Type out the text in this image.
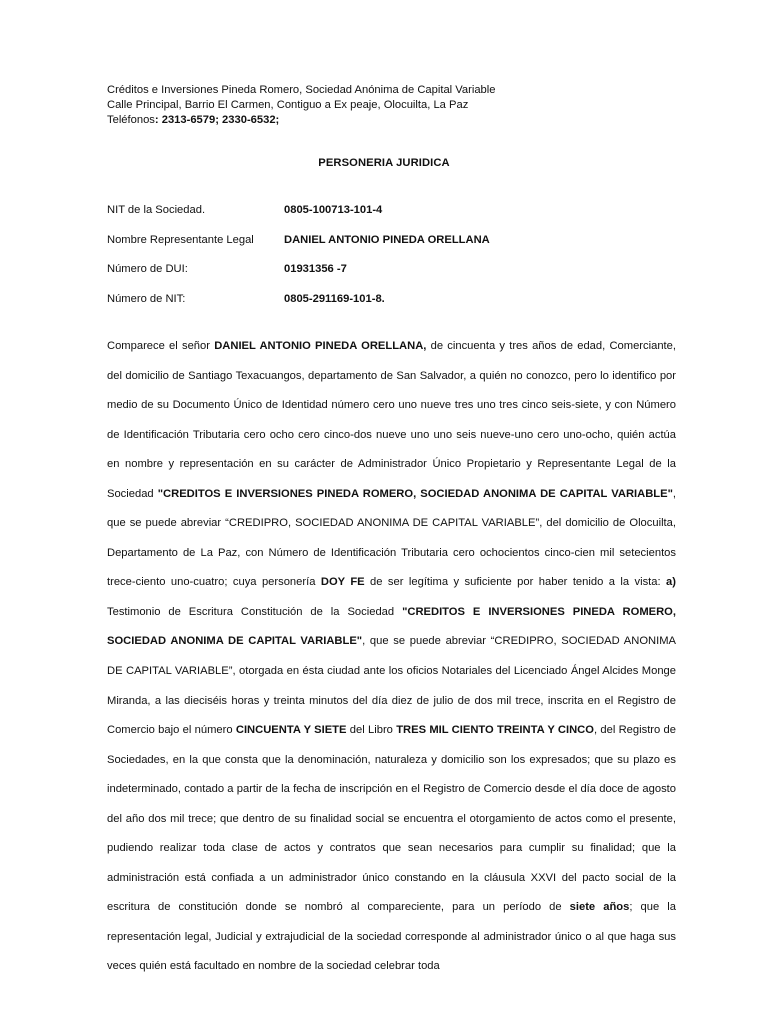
Créditos e Inversiones Pineda Romero, Sociedad Anónima de Capital Variable
Calle Principal, Barrio El Carmen, Contiguo a Ex peaje, Olocuilta, La Paz
Teléfonos: 2313-6579; 2330-6532;
PERSONERIA JURIDICA
NIT de la Sociedad.	0805-100713-101-4
Nombre Representante Legal	DANIEL ANTONIO PINEDA ORELLANA
Número de DUI:	01931356 -7
Número de NIT:	0805-291169-101-8.

Comparece el señor DANIEL ANTONIO PINEDA ORELLANA, de cincuenta y tres años de edad, Comerciante, del domicilio de Santiago Texacuangos, departamento de San Salvador, a quién no conozco, pero lo identifico por medio de su Documento Único de Identidad número cero uno nueve tres uno tres cinco seis-siete, y con Número de Identificación Tributaria cero ocho cero cinco-dos nueve uno uno seis nueve-uno cero uno-ocho, quién actúa en nombre y representación en su carácter de Administrador Único Propietario y Representante Legal de la Sociedad "CREDITOS E INVERSIONES PINEDA ROMERO, SOCIEDAD ANONIMA DE CAPITAL VARIABLE", que se puede abreviar “CREDIPRO, SOCIEDAD ANONIMA DE CAPITAL VARIABLE”, del domicilio de Olocuilta, Departamento de La Paz, con Número de Identificación Tributaria cero ochocientos cinco-cien mil setecientos trece-ciento uno-cuatro; cuya personería DOY FE de ser legítima y suficiente por haber tenido a la vista: a) Testimonio de Escritura Constitución de la Sociedad "CREDITOS E INVERSIONES PINEDA ROMERO, SOCIEDAD ANONIMA DE CAPITAL VARIABLE", que se puede abreviar “CREDIPRO, SOCIEDAD ANONIMA DE CAPITAL VARIABLE”, otorgada en ésta ciudad ante los oficios Notariales del Licenciado Ángel Alcides Monge Miranda, a las dieciséis horas y treinta minutos del día diez de julio de dos mil trece, inscrita en el Registro de Comercio bajo el número CINCUENTA Y SIETE del Libro TRES MIL CIENTO TREINTA Y CINCO, del Registro de Sociedades, en la que consta que la denominación, naturaleza y domicilio son los expresados; que su plazo es indeterminado, contado a partir de la fecha de inscripción en el Registro de Comercio desde el día doce de agosto del año dos mil trece; que dentro de su finalidad social se encuentra el otorgamiento de actos como el presente, pudiendo realizar toda clase de actos y contratos que sean necesarios para cumplir su finalidad; que la administración está confiada a un administrador único constando en la cláusula XXVI del pacto social de la escritura de constitución donde se nombró al compareciente, para un período de siete años; que la representación legal, Judicial y extrajudicial de la sociedad corresponde al administrador único o al que haga sus veces quién está facultado en nombre de la sociedad celebrar toda
